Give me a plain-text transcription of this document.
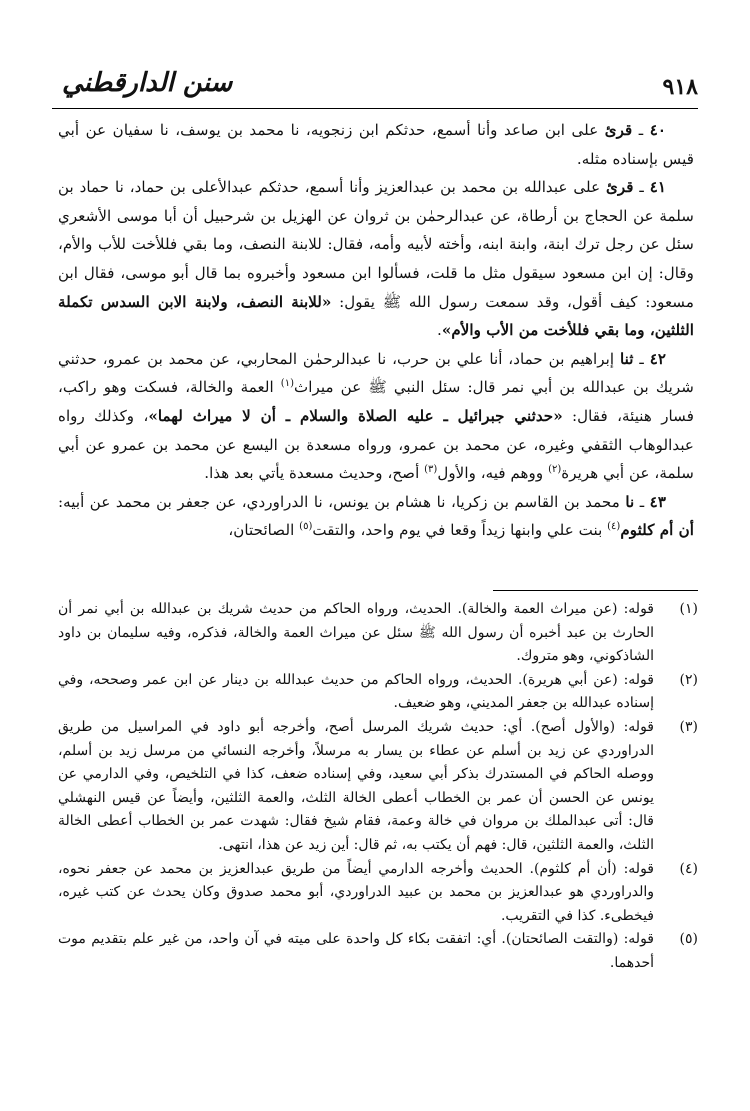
٩١٨
سنن الدارقطني

٤٠ ـ قرئ على ابن صاعد وأنا أسمع، حدثكم ابن زنجويه، نا محمد بن يوسف، نا سفيان عن أبي قيس بإسناده مثله.

٤١ ـ قرئ على عبدالله بن محمد بن عبدالعزيز وأنا أسمع، حدثكم عبدالأعلى بن حماد، نا حماد بن سلمة عن الحجاج بن أرطاة، عن عبدالرحمٰن بن ثروان عن الهزيل بن شرحبيل أن أبا موسى الأشعري سئل عن رجل ترك ابنة، وابنة ابنه، وأخته لأبيه وأمه، فقال: للابنة النصف، وما بقي فللأخت للأب والأم، وقال: إن ابن مسعود سيقول مثل ما قلت، فسألوا ابن مسعود وأخبروه بما قال أبو موسى، فقال ابن مسعود: كيف أقول، وقد سمعت رسول الله ﷺ يقول: «للابنة النصف، ولابنة الابن السدس تكملة الثلثين، وما بقي فللأخت من الأب والأم».

٤٢ ـ ثنا إبراهيم بن حماد، أنا علي بن حرب، نا عبدالرحمٰن المحاربي، عن محمد بن عمرو، حدثني شريك بن عبدالله بن أبي نمر قال: سئل النبي ﷺ عن ميراث$^{(١)}$ العمة والخالة، فسكت وهو راكب، فسار هنيئة، فقال: «حدثني جبرائيل ـ عليه الصلاة والسلام ـ أن لا ميراث لهما»، وكذلك رواه عبدالوهاب الثقفي وغيره، عن محمد بن عمرو، ورواه مسعدة بن اليسع عن محمد بن عمرو عن أبي سلمة، عن أبي هريرة$^{(٢)}$ ووهم فيه، والأول$^{(٣)}$ أصح، وحديث مسعدة يأتي بعد هذا.

٤٣ ـ نا محمد بن القاسم بن زكريا، نا هشام بن يونس، نا الدراوردي، عن جعفر بن محمد عن أبيه: أن أم كلثوم$^{(٤)}$ بنت علي وابنها زيداً وقعا في يوم واحد، والتقت$^{(٥)}$ الصائحتان،

(١)
قوله: (عن ميراث العمة والخالة). الحديث، ورواه الحاكم من حديث شريك بن عبدالله بن أبي نمر أن الحارث بن عبد أخبره أن رسول الله ﷺ سئل عن ميراث العمة والخالة، فذكره، وفيه سليمان بن داود الشاذكوني، وهو متروك.
(٢)
قوله: (عن أبي هريرة). الحديث، ورواه الحاكم من حديث عبدالله بن دينار عن ابن عمر وصححه، وفي إسناده عبدالله بن جعفر المديني، وهو ضعيف.
(٣)
قوله: (والأول أصح). أي: حديث شريك المرسل أصح، وأخرجه أبو داود في المراسيل من طريق الدراوردي عن زيد بن أسلم عن عطاء بن يسار به مرسلاً، وأخرجه النسائي من مرسل زيد بن أسلم، ووصله الحاكم في المستدرك بذكر أبي سعيد، وفي إسناده ضعف، كذا في التلخيص، وفي الدارمي عن يونس عن الحسن أن عمر بن الخطاب أعطى الخالة الثلث، والعمة الثلثين، وأيضاً عن قيس النهشلي قال: أتى عبدالملك بن مروان في خالة وعمة، فقام شيخ فقال: شهدت عمر بن الخطاب أعطى الخالة الثلث، والعمة الثلثين، قال: فهم أن يكتب به، ثم قال: أين زيد عن هذا، انتهى.
(٤)
قوله: (أن أم كلثوم). الحديث وأخرجه الدارمي أيضاً من طريق عبدالعزيز بن محمد عن جعفر نحوه، والدراوردي هو عبدالعزيز بن محمد بن عبيد الدراوردي، أبو محمد صدوق وكان يحدث عن كتب غيره، فيخطىء. كذا في التقريب.
(٥)
قوله: (والتقت الصائحتان). أي: اتفقت بكاء كل واحدة على ميته في آن واحد، من غير علم بتقديم موت أحدهما.
